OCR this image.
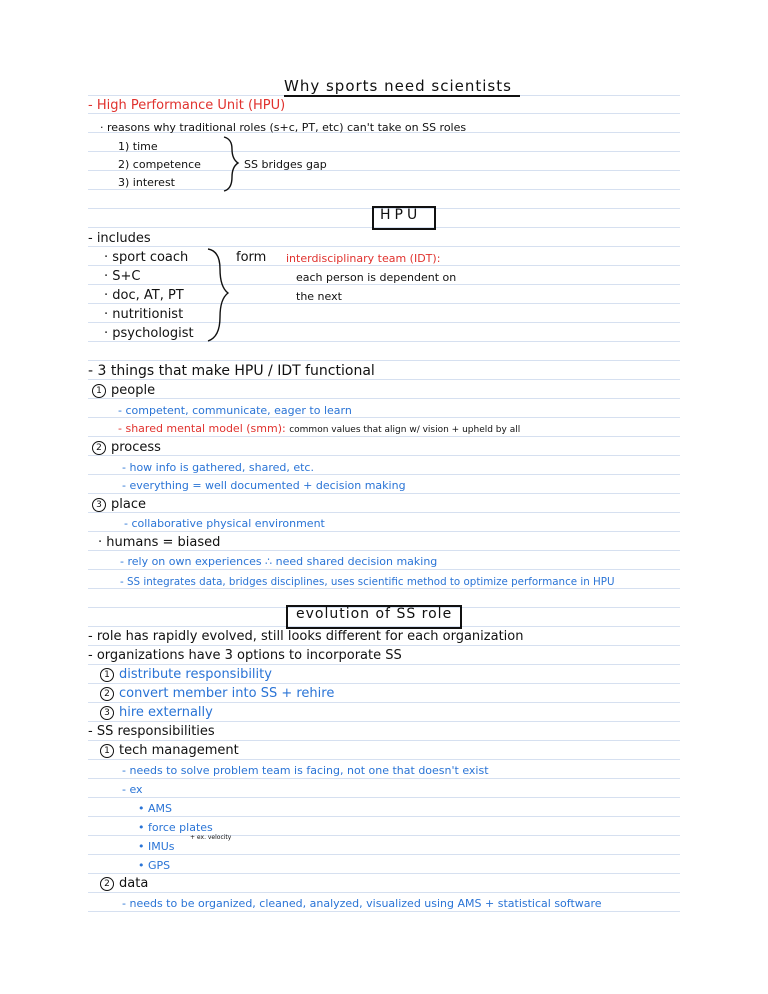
Why sports need scientists
- High Performance Unit (HPU)
· reasons why traditional roles (s+c, PT, etc) can't take on SS roles
1) time
2) competence
3) interest
SS bridges gap
HPU
- includes
· sport coach
· S+C
· doc, AT, PT
· nutritionist
· psychologist
form interdisciplinary team (IDT):
each person is dependent on
the next
- 3 things that make HPU / IDT functional
1 people
- competent, communicate, eager to learn
- shared mental model (smm): common values that align w/ vision + upheld by all
2 process
- how info is gathered, shared, etc.
- everything = well documented + decision making
3 place
- collaborative physical environment
· humans = biased
- rely on own experiences ∴ need shared decision making
- SS integrates data, bridges disciplines, uses scientific method to optimize performance in HPU
evolution of SS role
- role has rapidly evolved, still looks different for each organization
- organizations have 3 options to incorporate SS
1 distribute responsibility
2 convert member into SS + rehire
3 hire externally
- SS responsibilities
1 tech management
- needs to solve problem team is facing, not one that doesn't exist
- ex
• AMS
• force plates
• IMUs
+ ex. velocity
• GPS
2 data
- needs to be organized, cleaned, analyzed, visualized using AMS + statistical software
